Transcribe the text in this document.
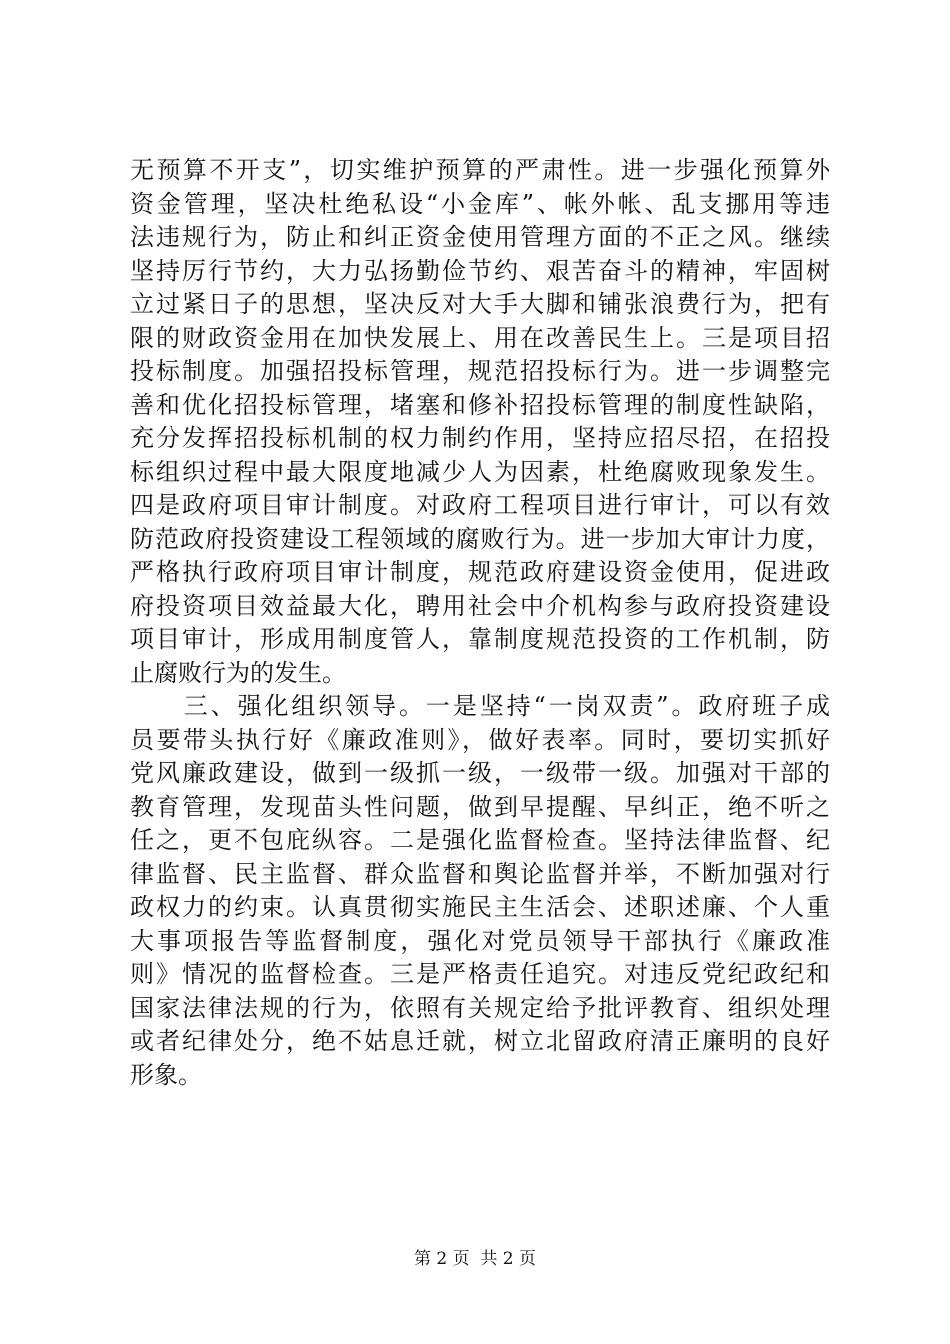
无预算不开支”，切实维护预算的严肃性。进一步强化预算外
资金管理，坚决杜绝私设“小金库”、帐外帐、乱支挪用等违
法违规行为，防止和纠正资金使用管理方面的不正之风。继续
坚持厉行节约，大力弘扬勤俭节约、艰苦奋斗的精神，牢固树
立过紧日子的思想，坚决反对大手大脚和铺张浪费行为，把有
限的财政资金用在加快发展上、用在改善民生上。三是项目招
投标制度。加强招投标管理，规范招投标行为。进一步调整完
善和优化招投标管理，堵塞和修补招投标管理的制度性缺陷，
充分发挥招投标机制的权力制约作用，坚持应招尽招，在招投
标组织过程中最大限度地减少人为因素，杜绝腐败现象发生。
四是政府项目审计制度。对政府工程项目进行审计，可以有效
防范政府投资建设工程领域的腐败行为。进一步加大审计力度，
严格执行政府项目审计制度，规范政府建设资金使用，促进政
府投资项目效益最大化，聘用社会中介机构参与政府投资建设
项目审计，形成用制度管人，靠制度规范投资的工作机制，防
止腐败行为的发生。
　　三、强化组织领导。一是坚持“一岗双责”。政府班子成
员要带头执行好《廉政准则》，做好表率。同时，要切实抓好
党风廉政建设，做到一级抓一级，一级带一级。加强对干部的
教育管理，发现苗头性问题，做到早提醒、早纠正，绝不听之
任之，更不包庇纵容。二是强化监督检查。坚持法律监督、纪
律监督、民主监督、群众监督和舆论监督并举，不断加强对行
政权力的约束。认真贯彻实施民主生活会、述职述廉、个人重
大事项报告等监督制度，强化对党员领导干部执行《廉政准
则》情况的监督检查。三是严格责任追究。对违反党纪政纪和
国家法律法规的行为，依照有关规定给予批评教育、组织处理
或者纪律处分，绝不姑息迁就，树立北留政府清正廉明的良好
形象。
第 2 页  共 2 页
